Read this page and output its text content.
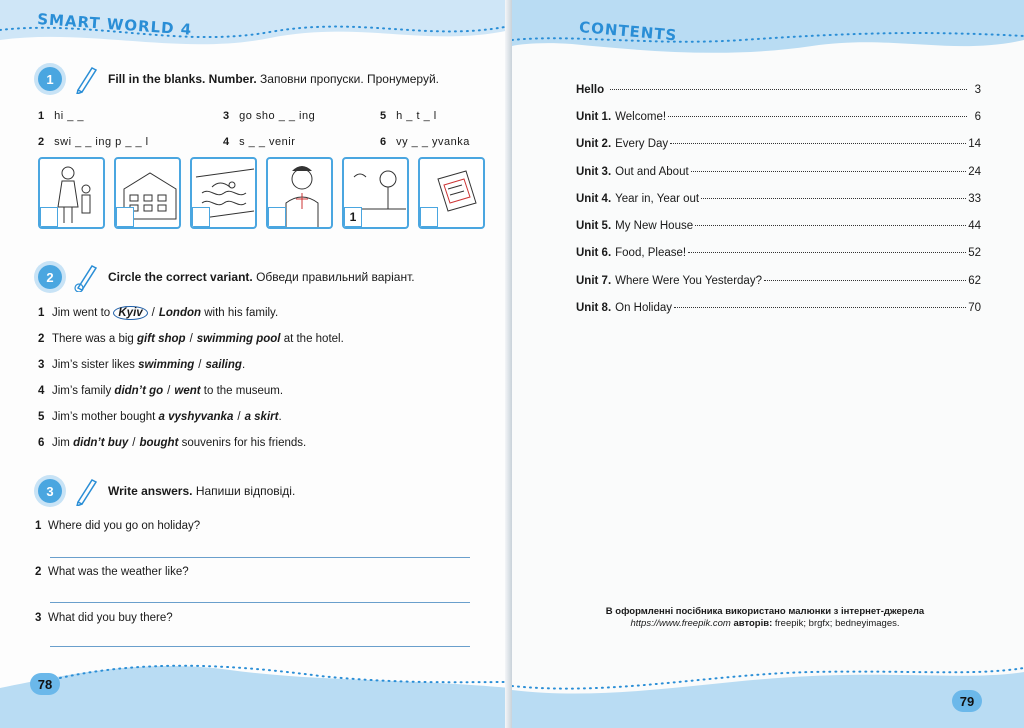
SMART WORLD 4
1	Fill in the blanks. Number. Заповни пропуски. Пронумеруй.
1 hi _ _	3 go sho _ _ ing	5 h _ t _ l
2 swi _ _ ing p _ _ l	4 s _ _ venir	6 vy _ _ yvanka
1
2	Circle the correct variant. Обведи правильний варіант.
1 Jim went to Kyiv / London with his family.
2 There was a big gift shop / swimming pool at the hotel.
3 Jim’s sister likes swimming / sailing.
4 Jim’s family didn’t go / went to the museum.
5 Jim’s mother bought a vyshyvanka / a skirt.
6 Jim didn’t buy / bought souvenirs for his friends.
3	Write answers. Напиши відповіді.
1 Where did you go on holiday?
2 What was the weather like?
3 What did you buy there?
78
CONTENTS
Hello	3
Unit 1. Welcome!	6
Unit 2. Every Day	14
Unit 3. Out and About	24
Unit 4. Year in, Year out	33
Unit 5. My New House	44
Unit 6. Food, Please!	52
Unit 7. Where Were You Yesterday?	62
Unit 8. On Holiday	70
В оформленні посібника використано малюнки з інтернет-джерела
https://www.freepik.com авторів: freepik; brgfx; bedneyimages.
79
